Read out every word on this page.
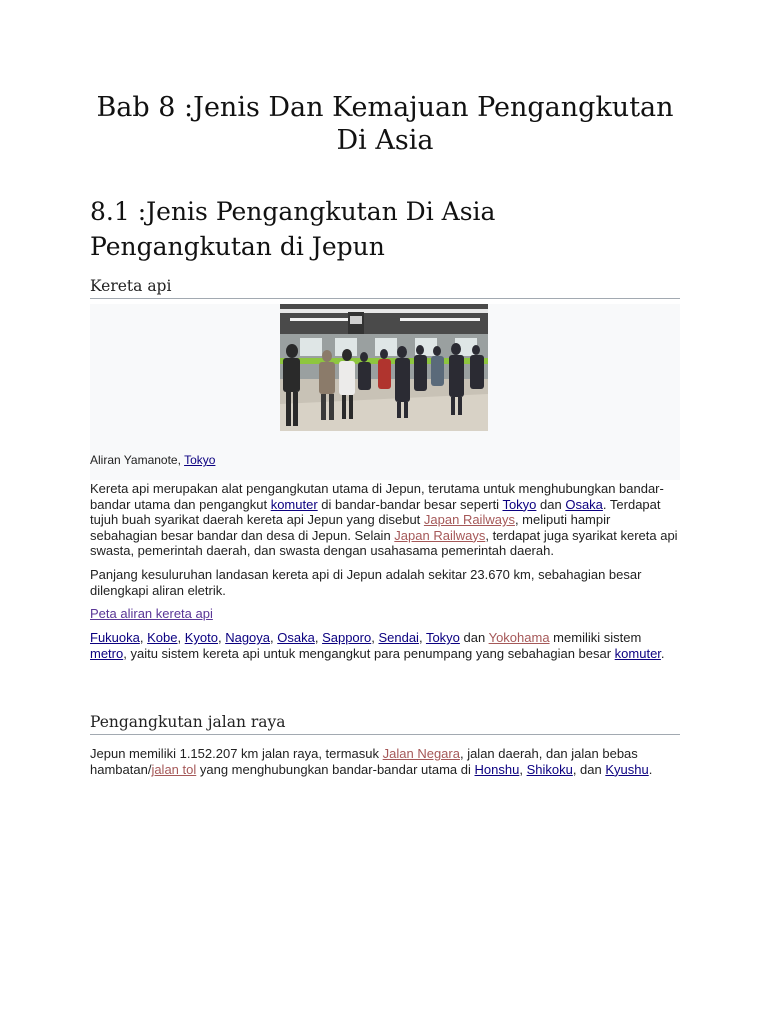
Bab 8 :Jenis Dan Kemajuan Pengangkutan Di Asia
8.1 :Jenis Pengangkutan Di Asia
Pengangkutan di Jepun
Kereta api
Aliran Yamanote, Tokyo

Kereta api merupakan alat pengangkutan utama di Jepun, terutama untuk menghubungkan bandar-bandar utama dan pengangkut komuter di bandar-bandar besar seperti Tokyo dan Osaka. Terdapat tujuh buah syarikat daerah kereta api Jepun yang disebut Japan Railways, meliputi hampir sebahagian besar bandar dan desa di Jepun. Selain Japan Railways, terdapat juga syarikat kereta api swasta, pemerintah daerah, dan swasta dengan usahasama pemerintah daerah.

Panjang kesuluruhan landasan kereta api di Jepun adalah sekitar 23.670 km, sebahagian besar dilengkapi aliran eletrik.

Peta aliran kereta api

Fukuoka, Kobe, Kyoto, Nagoya, Osaka, Sapporo, Sendai, Tokyo dan Yokohama memiliki sistem metro, yaitu sistem kereta api untuk mengangkut para penumpang yang sebahagian besar komuter.

Pengangkutan jalan raya

Jepun memiliki 1.152.207 km jalan raya, termasuk Jalan Negara, jalan daerah, dan jalan bebas hambatan/jalan tol yang menghubungkan bandar-bandar utama di Honshu, Shikoku, dan Kyushu.
